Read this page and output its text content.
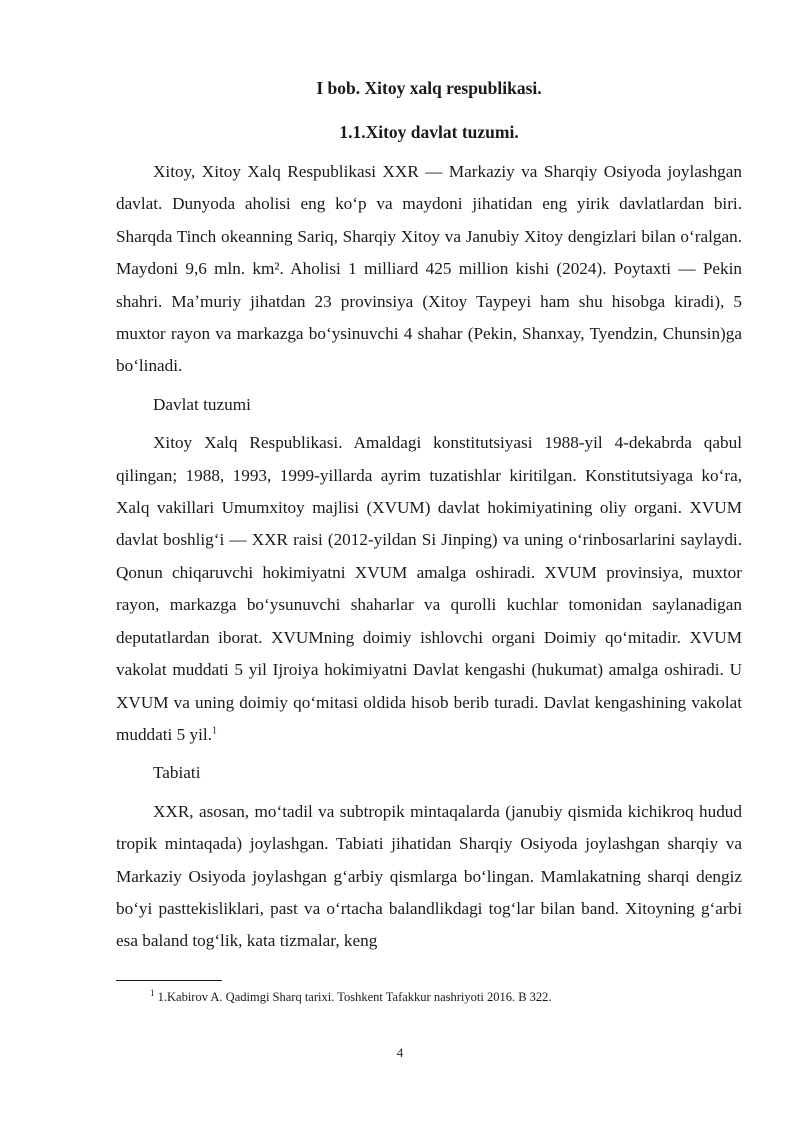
I bob. Xitoy xalq respublikasi.
1.1.Xitoy davlat tuzumi.

Xitoy, Xitoy Xalq Respublikasi XXR — Markaziy va Sharqiy Osiyoda joylashgan davlat. Dunyoda aholisi eng koʻp va maydoni jihatidan eng yirik davlatlardan biri. Sharqda Tinch okeanning Sariq, Sharqiy Xitoy va Janubiy Xitoy dengizlari bilan oʻralgan. Maydoni 9,6 mln. km². Aholisi 1 milliard 425 million kishi (2024). Poytaxti — Pekin shahri. Maʼmuriy jihatdan 23 provinsiya (Xitoy Taypeyi ham shu hisobga kiradi), 5 muxtor rayon va markazga boʻysinuvchi 4 shahar (Pekin, Shanxay, Tyendzin, Chunsin)ga boʻlinadi.

Davlat tuzumi

Xitoy Xalq Respublikasi. Amaldagi konstitutsiyasi 1988-yil 4-dekabrda qabul qilingan; 1988, 1993, 1999-yillarda ayrim tuzatishlar kiritilgan. Konstitutsiyaga koʻra, Xalq vakillari Umumxitoy majlisi (XVUM) davlat hokimiyatining oliy organi. XVUM davlat boshligʻi — XXR raisi (2012-yildan Si Jinping) va uning oʻrinbosarlarini saylaydi. Qonun chiqaruvchi hokimiyatni XVUM amalga oshiradi. XVUM provinsiya, muxtor rayon, markazga boʻysunuvchi shaharlar va qurolli kuchlar tomonidan saylanadigan deputatlardan iborat. XVUMning doimiy ishlovchi organi Doimiy qoʻmitadir. XVUM vakolat muddati 5 yil Ijroiya hokimiyatni Davlat kengashi (hukumat) amalga oshiradi. U XVUM va uning doimiy qoʻmitasi oldida hisob berib turadi. Davlat kengashining vakolat muddati 5 yil.$^1$

Tabiati

XXR, asosan, moʻtadil va subtropik mintaqalarda (janubiy qismida kichikroq hudud tropik mintaqada) joylashgan. Tabiati jihatidan Sharqiy Osiyoda joylashgan sharqiy va Markaziy Osiyoda joylashgan gʻarbiy qismlarga boʻlingan. Mamlakatning sharqi dengiz boʻyi pasttekisliklari, past va oʻrtacha balandlikdagi togʻlar bilan band. Xitoyning gʻarbi esa baland togʻlik, kata tizmalar, keng

$^1$ 1.Kabirov A. Qadimgi Sharq tarixi. Toshkent Tafakkur nashriyoti 2016. B 322.
4
